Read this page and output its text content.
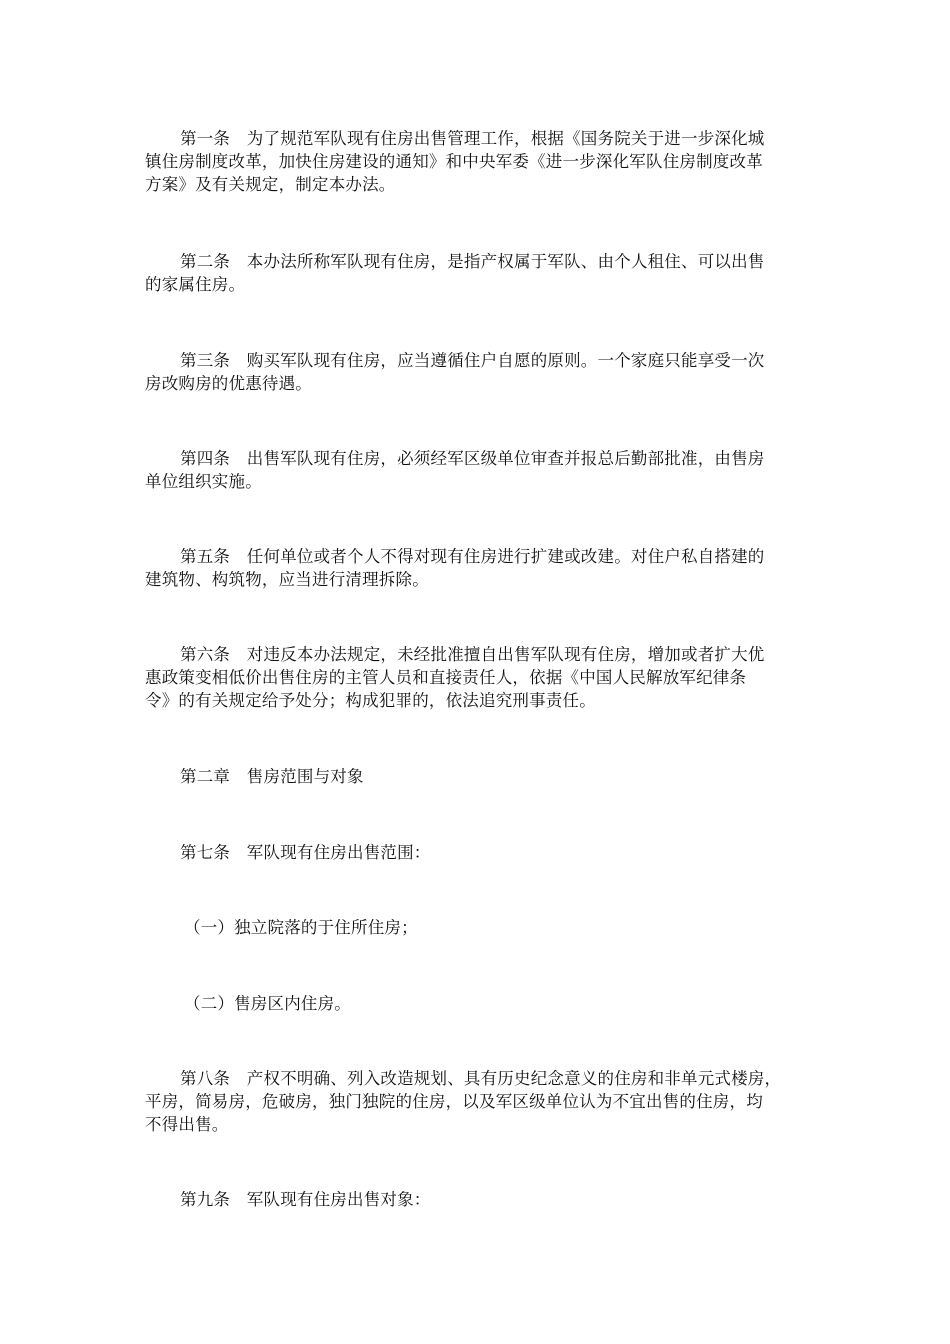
第一条　为了规范军队现有住房出售管理工作，根据《国务院关于进一步深化城
镇住房制度改革，加快住房建设的通知》和中央军委《进一步深化军队住房制度改革
方案》及有关规定，制定本办法。
第二条　本办法所称军队现有住房，是指产权属于军队、由个人租住、可以出售
的家属住房。
第三条　购买军队现有住房，应当遵循住户自愿的原则。一个家庭只能享受一次
房改购房的优惠待遇。
第四条　出售军队现有住房，必须经军区级单位审查并报总后勤部批准，由售房
单位组织实施。
第五条　任何单位或者个人不得对现有住房进行扩建或改建。对住户私自搭建的
建筑物、构筑物，应当进行清理拆除。
第六条　对违反本办法规定，未经批准擅自出售军队现有住房，增加或者扩大优
惠政策变相低价出售住房的主管人员和直接责任人，依据《中国人民解放军纪律条
令》的有关规定给予处分；构成犯罪的，依法追究刑事责任。
第二章　售房范围与对象
第七条　军队现有住房出售范围：
（一）独立院落的于住所住房；
（二）售房区内住房。
第八条　产权不明确、列入改造规划、具有历史纪念意义的住房和非单元式楼房，
平房，简易房，危破房，独门独院的住房，以及军区级单位认为不宜出售的住房，均
不得出售。
第九条　军队现有住房出售对象：
